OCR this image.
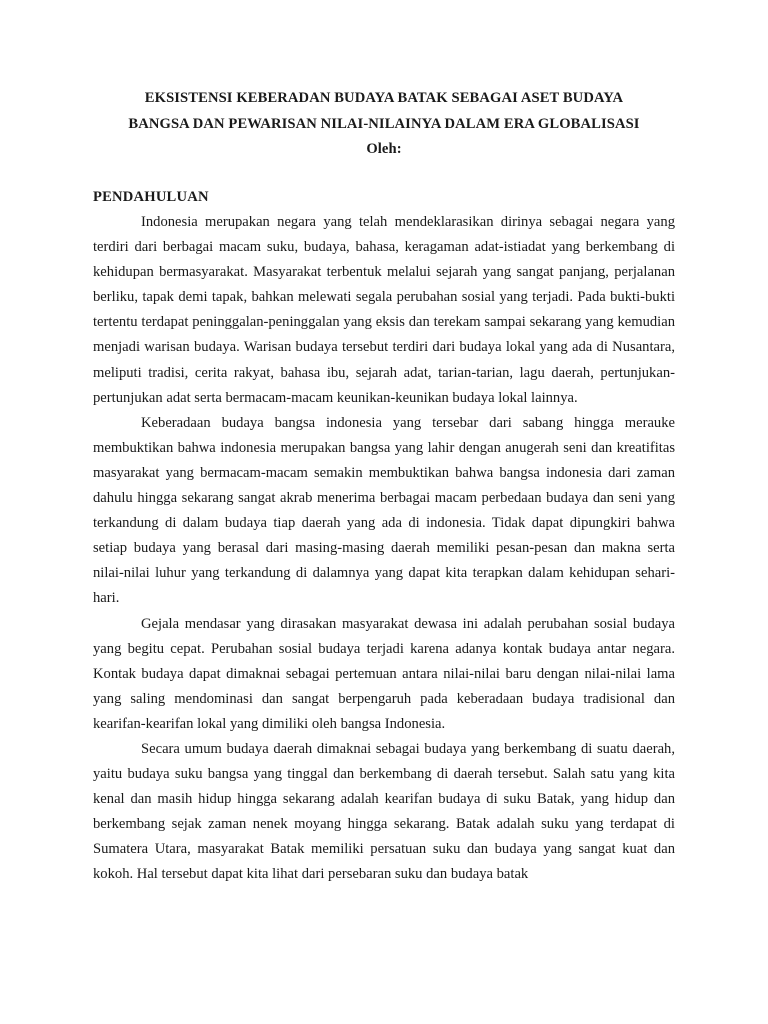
EKSISTENSI KEBERADAN BUDAYA BATAK SEBAGAI ASET BUDAYA
BANGSA DAN PEWARISAN NILAI-NILAINYA DALAM ERA GLOBALISASI
Oleh:
PENDAHULUAN

Indonesia merupakan negara yang telah mendeklarasikan dirinya sebagai negara yang terdiri dari berbagai macam suku, budaya, bahasa, keragaman adat-istiadat yang berkembang di kehidupan bermasyarakat. Masyarakat terbentuk melalui sejarah yang sangat panjang, perjalanan berliku, tapak demi tapak, bahkan melewati segala perubahan sosial yang terjadi. Pada bukti-bukti tertentu terdapat peninggalan-peninggalan yang eksis dan terekam sampai sekarang yang kemudian menjadi warisan budaya. Warisan budaya tersebut terdiri dari budaya lokal yang ada di Nusantara, meliputi tradisi, cerita rakyat, bahasa ibu, sejarah adat, tarian-tarian, lagu daerah, pertunjukan-pertunjukan adat serta bermacam-macam keunikan-keunikan budaya lokal lainnya.

Keberadaan budaya bangsa indonesia yang tersebar dari sabang hingga merauke membuktikan bahwa indonesia merupakan bangsa yang lahir dengan anugerah seni dan kreatifitas masyarakat yang bermacam-macam semakin membuktikan bahwa bangsa indonesia dari zaman dahulu hingga sekarang sangat akrab menerima berbagai macam perbedaan budaya dan seni yang terkandung di dalam budaya tiap daerah yang ada di indonesia. Tidak dapat dipungkiri bahwa setiap budaya yang berasal dari masing-masing daerah memiliki pesan-pesan dan makna serta nilai-nilai luhur yang terkandung di dalamnya yang dapat kita terapkan dalam kehidupan sehari-hari.

Gejala mendasar yang dirasakan masyarakat dewasa ini adalah perubahan sosial budaya yang begitu cepat. Perubahan sosial budaya terjadi karena adanya kontak budaya antar negara. Kontak budaya dapat dimaknai sebagai pertemuan antara nilai-nilai baru dengan nilai-nilai lama yang saling mendominasi dan sangat berpengaruh pada keberadaan budaya tradisional dan kearifan-kearifan lokal yang dimiliki oleh bangsa Indonesia.

Secara umum budaya daerah dimaknai sebagai budaya yang berkembang di suatu daerah, yaitu budaya suku bangsa yang tinggal dan berkembang di daerah tersebut. Salah satu yang kita kenal dan masih hidup hingga sekarang adalah kearifan budaya di suku Batak, yang hidup dan berkembang sejak zaman nenek moyang hingga sekarang. Batak adalah suku yang terdapat di Sumatera Utara, masyarakat Batak memiliki persatuan suku dan budaya yang sangat kuat dan kokoh. Hal tersebut dapat kita lihat dari persebaran suku dan budaya batak
